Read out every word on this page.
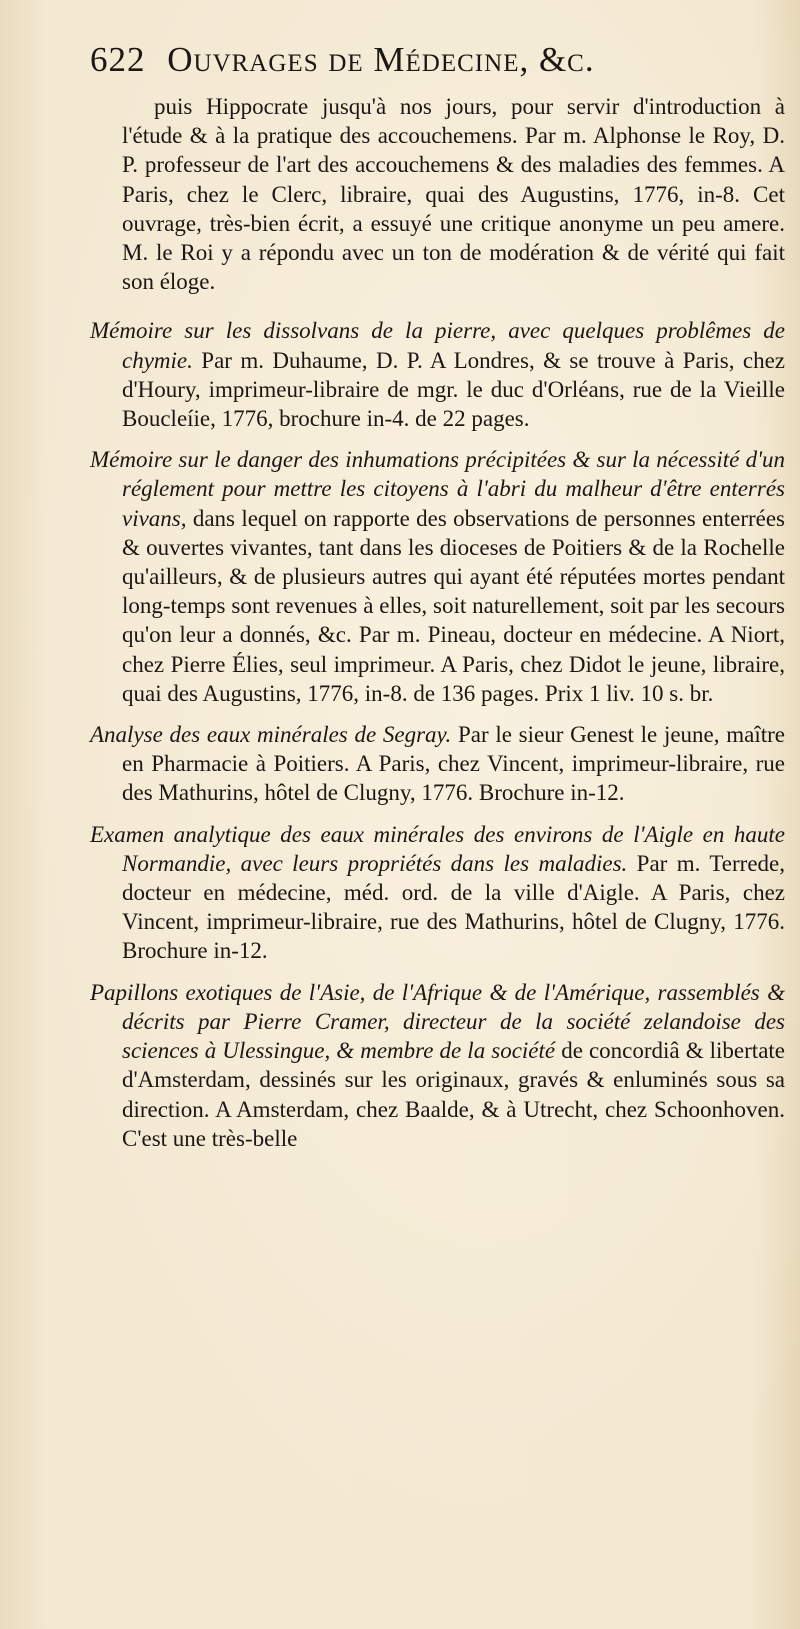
622 Ouvrages de Médecine, &c.

puis Hippocrate jusqu'à nos jours, pour servir d'introduction à l'étude & à la pratique des accouchemens. Par m. Alphonse le Roy, D. P. professeur de l'art des accouchemens & des maladies des femmes. A Paris, chez le Clerc, libraire, quai des Augustins, 1776, in-8. Cet ouvrage, très-bien écrit, a essuyé une critique anonyme un peu amere. M. le Roi y a répondu avec un ton de modération & de vérité qui fait son éloge.

Mémoire sur les dissolvans de la pierre, avec quelques problêmes de chymie. Par m. Duhaume, D. P. A Londres, & se trouve à Paris, chez d'Houry, imprimeur-libraire de mgr. le duc d'Orléans, rue de la Vieille Boucleíie, 1776, brochure in-4. de 22 pages.

Mémoire sur le danger des inhumations précipitées & sur la nécessité d'un réglement pour mettre les citoyens à l'abri du malheur d'être enterrés vivans, dans lequel on rapporte des observations de personnes enterrées & ouvertes vivantes, tant dans les dioceses de Poitiers & de la Rochelle qu'ailleurs, & de plusieurs autres qui ayant été réputées mortes pendant long-temps sont revenues à elles, soit naturellement, soit par les secours qu'on leur a donnés, &c. Par m. Pineau, docteur en médecine. A Niort, chez Pierre Élies, seul imprimeur. A Paris, chez Didot le jeune, libraire, quai des Augustins, 1776, in-8. de 136 pages. Prix 1 liv. 10 s. br.

Analyse des eaux minérales de Segray. Par le sieur Genest le jeune, maître en Pharmacie à Poitiers. A Paris, chez Vincent, imprimeur-libraire, rue des Mathurins, hôtel de Clugny, 1776. Brochure in-12.

Examen analytique des eaux minérales des environs de l'Aigle en haute Normandie, avec leurs propriétés dans les maladies. Par m. Terrede, docteur en médecine, méd. ord. de la ville d'Aigle. A Paris, chez Vincent, imprimeur-libraire, rue des Mathurins, hôtel de Clugny, 1776. Brochure in-12.

Papillons exotiques de l'Asie, de l'Afrique & de l'Amérique, rassemblés & décrits par Pierre Cramer, directeur de la société zelandoise des sciences à Ulessingue, & membre de la société de concordiâ & libertate d'Amsterdam, dessinés sur les originaux, gravés & enluminés sous sa direction. A Amsterdam, chez Baalde, & à Utrecht, chez Schoonhoven. C'est une très-belle
